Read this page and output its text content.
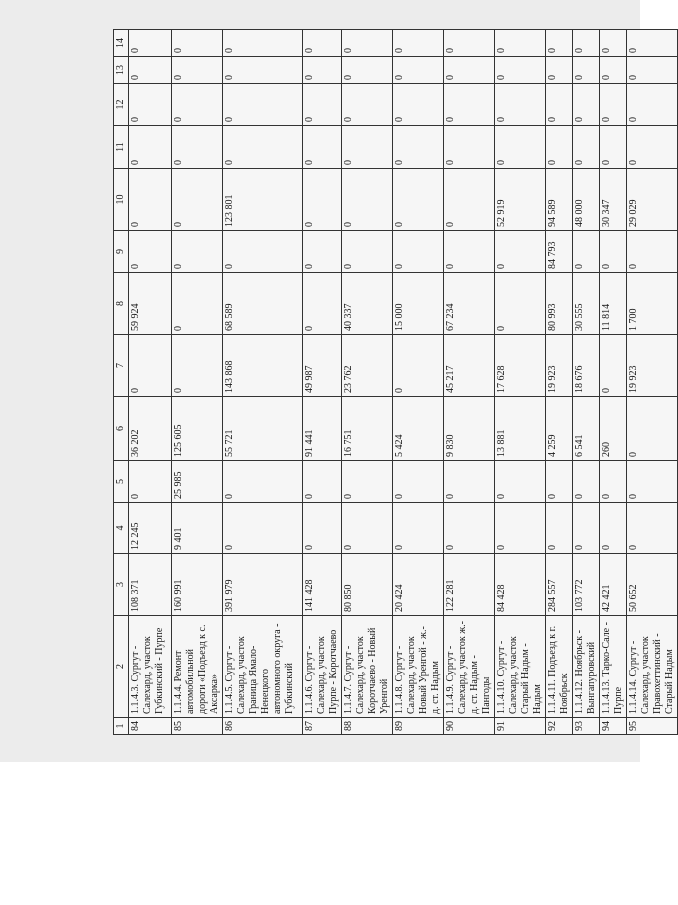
1	2	3	4	5	6	7	8	9	10	11	12	13	14
84	1.1.4.3. Сургут - Салехард, участок Губкинский - Пурпе	108 371	12 245	0	36 202	0	59 924	0	0	0	0	0	0
85	1.1.4.4. Ремонт автомобильной дороги «Подъезд к с. Аксарка»	160 991	9 401	25 985	125 605	0	0	0	0	0	0	0	0
86	1.1.4.5. Сургут - Салехард, участок Граница Ямало-Ненецкого автономного округа - Губкинский	391 979	0	0	55 721	143 868	68 589	0	123 801	0	0	0	0
87	1.1.4.6. Сургут - Салехард, участок Пурпе - Коротчаево	141 428	0	0	91 441	49 987	0	0	0	0	0	0	0
88	1.1.4.7. Сургут - Салехард, участок Коротчаево - Новый Уренгой	80 850	0	0	16 751	23 762	40 337	0	0	0	0	0	0
89	1.1.4.8. Сургут - Салехард, участок Новый Уренгой - ж.-д. ст. Надым	20 424	0	0	5 424	0	15 000	0	0	0	0	0	0
90	1.1.4.9. Сургут - Салехард, участок ж.-д. ст. Надым - Пангоды	122 281	0	0	9 830	45 217	67 234	0	0	0	0	0	0
91	1.1.4.10. Сургут - Салехард, участок Старый Надым - Надым	84 428	0	0	13 881	17 628	0	0	52 919	0	0	0	0
92	1.1.4.11. Подъезд к г. Ноябрьск	284 557	0	0	4 259	19 923	80 993	84 793	94 589	0	0	0	0
93	1.1.4.12. Ноябрьск - Вынгапуровский	103 772	0	0	6 541	18 676	30 555	0	48 000	0	0	0	0
94	1.1.4.13. Тарко-Сале - Пурпе	42 421	0	0	260	0	11 814	0	30 347	0	0	0	0
95	1.1.4.14. Сургут - Салехард, участок Правохеттинский - Старый Надым	50 652	0	0	0	19 923	1 700	0	29 029	0	0	0	0
